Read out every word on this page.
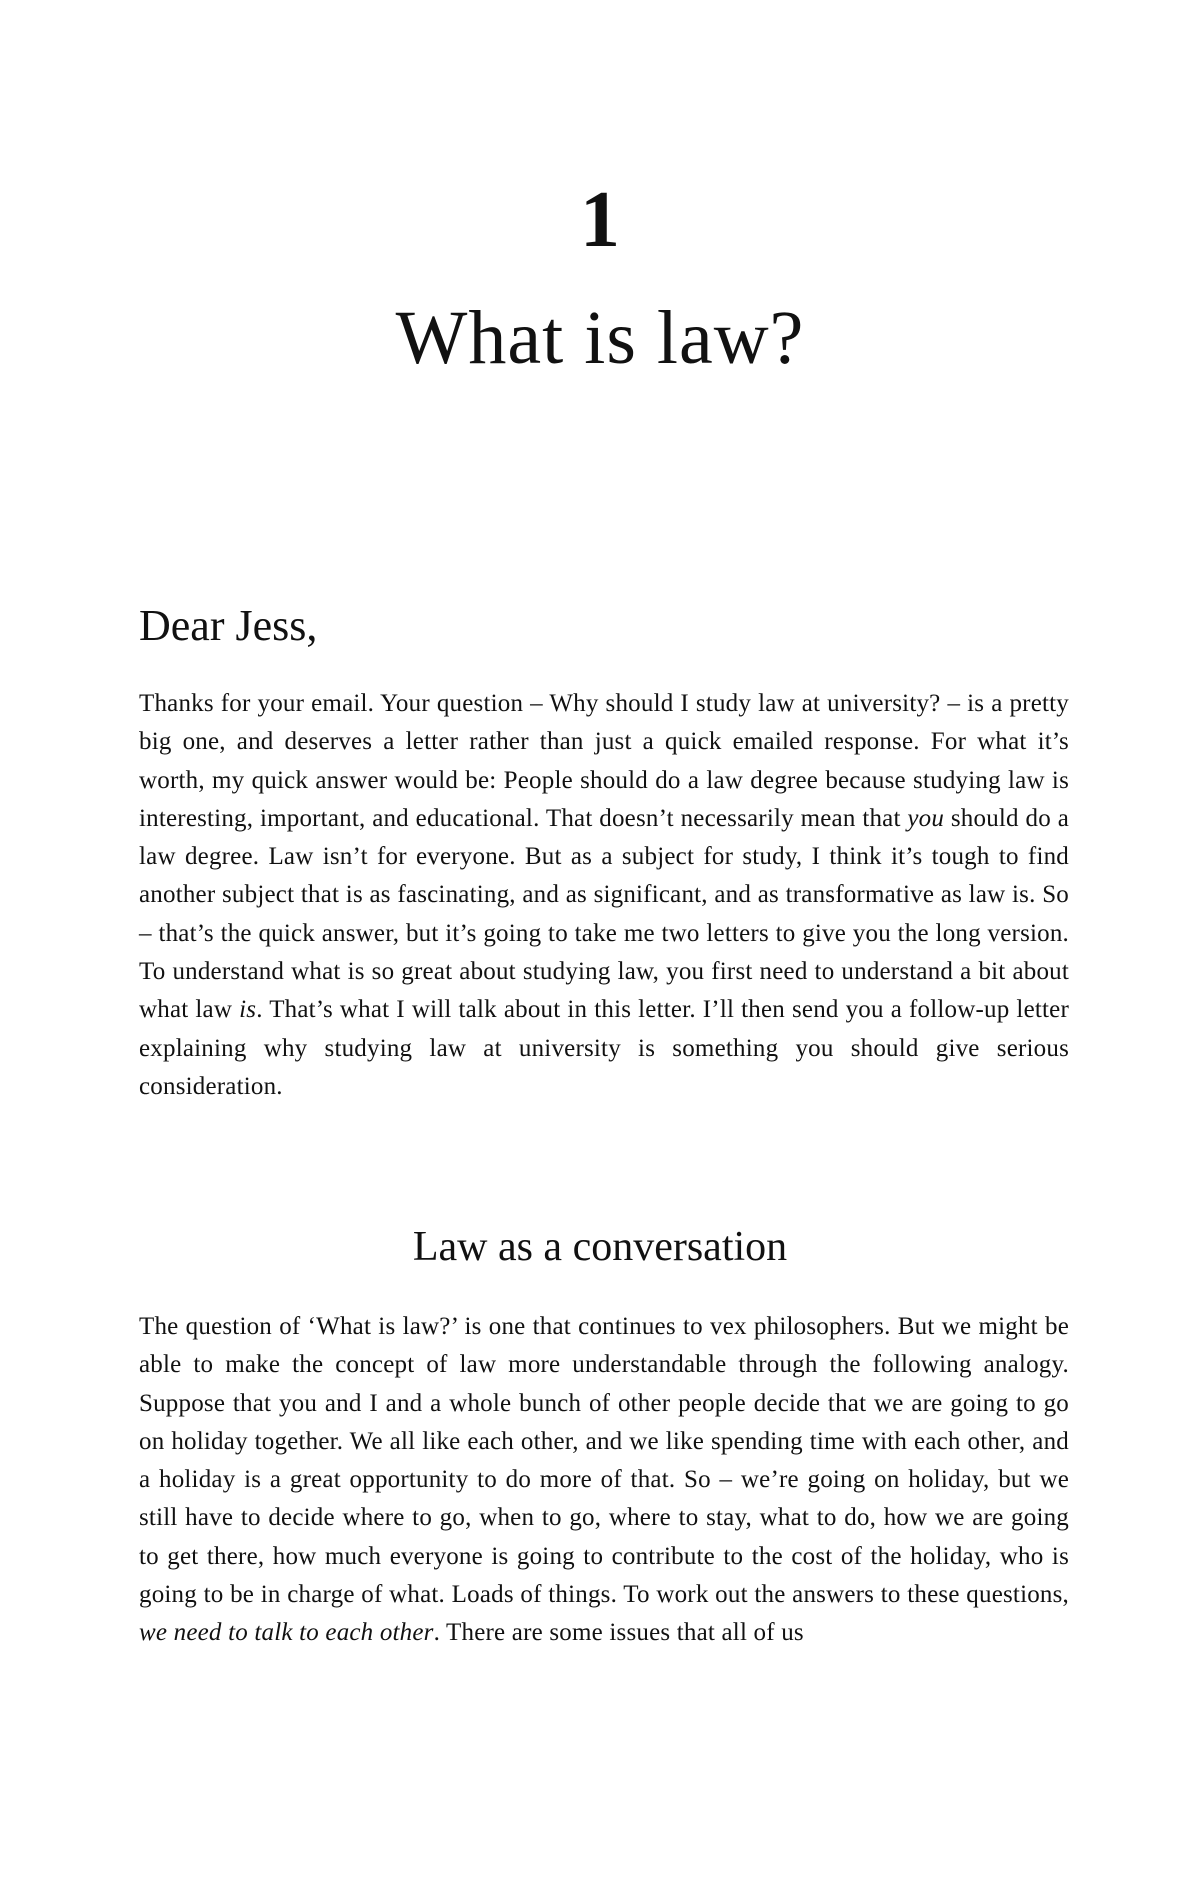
1
What is law?
Dear Jess,

Thanks for your email. Your question – Why should I study law at university? – is a pretty big one, and deserves a letter rather than just a quick emailed response. For what it’s worth, my quick answer would be: People should do a law degree because studying law is interesting, important, and educational. That doesn’t necessarily mean that you should do a law degree. Law isn’t for everyone. But as a subject for study, I think it’s tough to find another subject that is as fascinating, and as significant, and as transformative as law is. So – that’s the quick answer, but it’s going to take me two letters to give you the long version. To understand what is so great about studying law, you first need to understand a bit about what law is. That’s what I will talk about in this letter. I’ll then send you a follow-up letter explaining why studying law at university is something you should give serious consideration.

Law as a conversation

The question of ‘What is law?’ is one that continues to vex philosophers. But we might be able to make the concept of law more understandable through the following analogy. Suppose that you and I and a whole bunch of other people decide that we are going to go on holiday together. We all like each other, and we like spending time with each other, and a holiday is a great opportunity to do more of that. So – we’re going on holiday, but we still have to decide where to go, when to go, where to stay, what to do, how we are going to get there, how much everyone is going to contribute to the cost of the holiday, who is going to be in charge of what. Loads of things. To work out the answers to these questions, we need to talk to each other. There are some issues that all of us
